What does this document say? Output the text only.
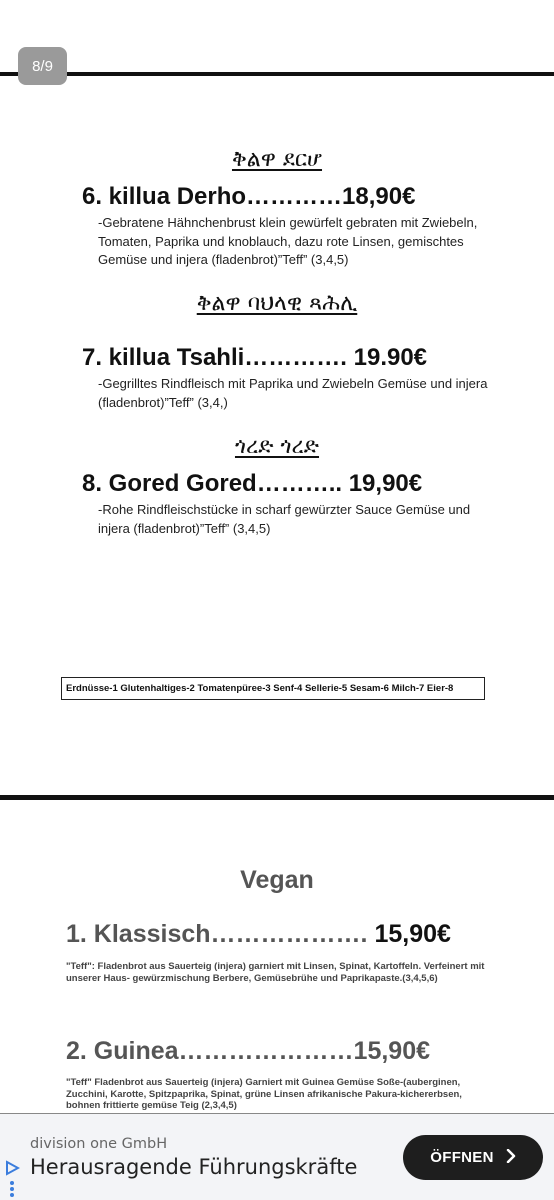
8/9
ቅልዋ ደርሆ
6. killua Derho…………18,90€
-Gebratene Hähnchenbrust klein gewürfelt gebraten mit Zwiebeln, Tomaten, Paprika und knoblauch, dazu rote Linsen, gemischtes Gemüse und injera (fladenbrot)”Teff” (3,4,5)
ቅልዋ ባህላዊ ጻሕሊ
7. killua Tsahli…………. 19.90€
-Gegrilltes Rindfleisch mit Paprika und Zwiebeln Gemüse und injera (fladenbrot)”Teff” (3,4,)
ጎረድ ጎረድ
8. Gored Gored……….. 19,90€
-Rohe Rindfleischstücke in scharf gewürzter Sauce Gemüse und injera (fladenbrot)”Teff” (3,4,5)
Erdnüsse-1 Glutenhaltiges-2 Tomatenpüree-3 Senf-4 Sellerie-5 Sesam-6 Milch-7 Eier-8
Vegan
1. Klassisch………………. 15,90€
"Teff": Fladenbrot aus Sauerteig (injera) garniert mit Linsen, Spinat, Kartoffeln. Verfeinert mit unserer Haus- gewürzmischung Berbere, Gemüsebrühe und Paprikapaste.(3,4,5,6)
2. Guinea…………………15,90€
"Teff" Fladenbrot aus Sauerteig (injera) Garniert mit Guinea Gemüse Soße-(auberginen, Zucchini, Karotte, Spitzpaprika, Spinat, grüne Linsen afrikanische Pakura-kichererbsen, bohnen frittierte gemüse Teig (2,3,4,5)
division one GmbH
Herausragende Führungskräfte	ÖFFNEN
